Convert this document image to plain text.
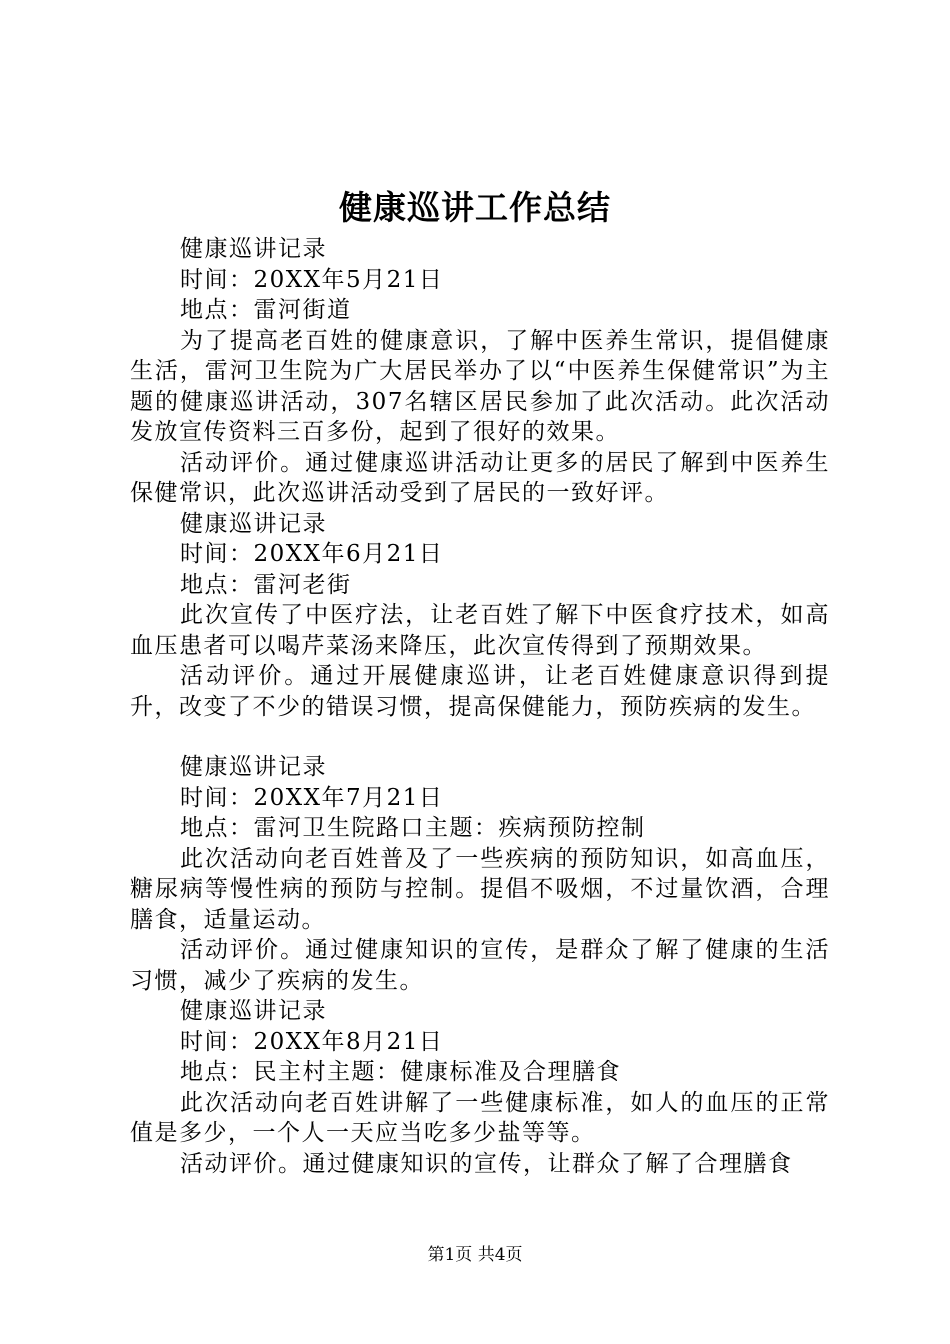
健康巡讲工作总结

健康巡讲记录

时间：20XX年5月21日

地点：雷河街道

为了提高老百姓的健康意识，了解中医养生常识，提倡健康生活，雷河卫生院为广大居民举办了以“中医养生保健常识”为主题的健康巡讲活动，307名辖区居民参加了此次活动。此次活动发放宣传资料三百多份，起到了很好的效果。

活动评价。通过健康巡讲活动让更多的居民了解到中医养生保健常识，此次巡讲活动受到了居民的一致好评。

健康巡讲记录

时间：20XX年6月21日

地点：雷河老街

此次宣传了中医疗法，让老百姓了解下中医食疗技术，如高血压患者可以喝芹菜汤来降压，此次宣传得到了预期效果。

活动评价。通过开展健康巡讲，让老百姓健康意识得到提升，改变了不少的错误习惯，提高保健能力，预防疾病的发生。

健康巡讲记录

时间：20XX年7月21日

地点：雷河卫生院路口主题：疾病预防控制

此次活动向老百姓普及了一些疾病的预防知识，如高血压，糖尿病等慢性病的预防与控制。提倡不吸烟，不过量饮酒，合理膳食，适量运动。

活动评价。通过健康知识的宣传，是群众了解了健康的生活习惯，减少了疾病的发生。

健康巡讲记录

时间：20XX年8月21日

地点：民主村主题：健康标准及合理膳食

此次活动向老百姓讲解了一些健康标准，如人的血压的正常值是多少，一个人一天应当吃多少盐等等。

活动评价。通过健康知识的宣传，让群众了解了合理膳食

第1页 共4页
